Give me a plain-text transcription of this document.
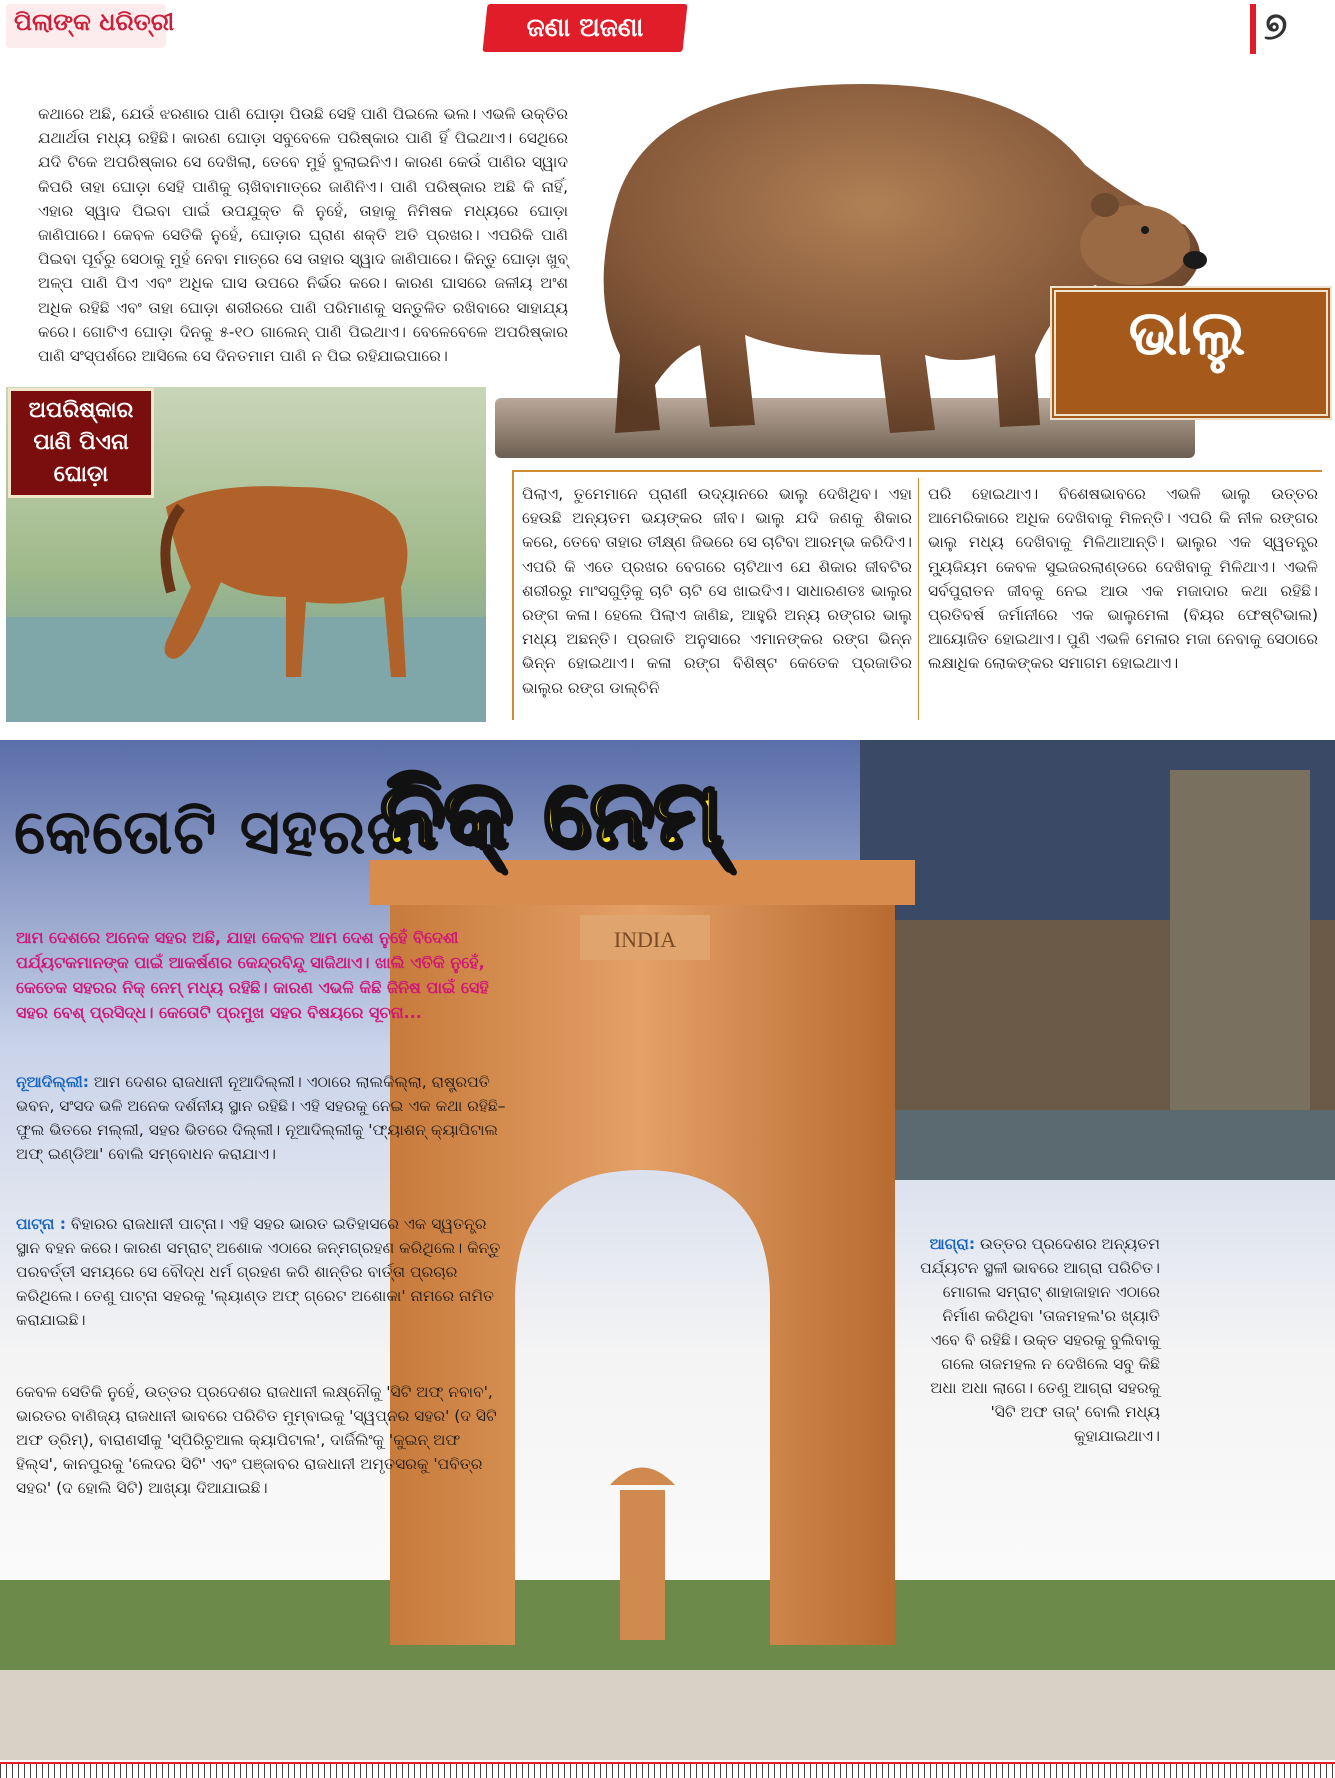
ପିଲାଙ୍କ ଧରିତ୍ରୀ	ଜଣା ଅଜଣା	୭
ଭାଲୁ
କଥାରେ ଅଛି, ଯେଉଁ ଝରଣାର ପାଣି ଘୋଡ଼ା ପିଉଛି ସେହି ପାଣି ପିଇଲେ ଭଲ। ଏଭଳି ଉକ୍ତିର ଯଥାର୍ଥତା ମଧ୍ୟ ରହିଛି। କାରଣ ଘୋଡ଼ା ସବୁବେଳେ ପରିଷ୍କାର ପାଣି ହିଁ ପିଇଥାଏ। ସେଥିରେ ଯଦି ଟିକେ ଅପରିଷ୍କାର ସେ ଦେଖିଲା, ତେବେ ମୁହଁ ବୁଲାଇନିଏ। କାରଣ କେଉଁ ପାଣିର ସ୍ୱାଦ କିପରି ତାହା ଘୋଡ଼ା ସେହି ପାଣିକୁ ଚାଖିବାମାତ୍ରେ ଜାଣିନିଏ। ପାଣି ପରିଷ୍କାର ଅଛି କି ନାହିଁ, ଏହାର ସ୍ୱାଦ ପିଇବା ପାଇଁ ଉପଯୁକ୍ତ କି ନୁହେଁ, ତାହାକୁ ନିମିଷକ ମଧ୍ୟରେ ଘୋଡ଼ା ଜାଣିପାରେ। କେବଳ ସେତିକି ନୁହେଁ, ଘୋଡ଼ାର ଘ୍ରାଣ ଶକ୍ତି ଅତି ପ୍ରଖର। ଏପରିକି ପାଣି ପିଇବା ପୂର୍ବରୁ ସେଠାକୁ ମୁହଁ ନେବା ମାତ୍ରେ ସେ ତାହାର ସ୍ୱାଦ ଜାଣିପାରେ। କିନ୍ତୁ ଘୋଡ଼ା ଖୁବ୍ ଅଳ୍ପ ପାଣି ପିଏ ଏବଂ ଅଧିକ ଘାସ ଉପରେ ନିର୍ଭର କରେ। କାରଣ ଘାସରେ ଜଳୀୟ ଅଂଶ ଅଧିକ ରହିଛି ଏବଂ ତାହା ଘୋଡ଼ା ଶରୀରରେ ପାଣି ପରିମାଣକୁ ସନ୍ତୁଳିତ ରଖିବାରେ ସାହାଯ୍ୟ କରେ। ଗୋଟିଏ ଘୋଡ଼ା ଦିନକୁ ୫-୧୦ ଗାଲେନ୍ ପାଣି ପିଇଥାଏ। ବେଳେବେଳେ ଅପରିଷ୍କାର ପାଣି ସଂସ୍ପର୍ଶରେ ଆସିଲେ ସେ ଦିନତମାମ ପାଣି ନ ପିଇ ରହିଯାଇପାରେ।
ଅପରିଷ୍କାର
ପାଣି ପିଏନା
ଘୋଡ଼ା
ପିଲାଏ, ତୁମେମାନେ ପ୍ରାଣୀ ଉଦ୍ୟାନରେ ଭାଲୁ ଦେଖିଥିବ। ଏହା ହେଉଛି ଅନ୍ୟତମ ଭୟଙ୍କର ଜୀବ। ଭାଲୁ ଯଦି ଜଣକୁ ଶିକାର କରେ, ତେବେ ତାହାର ତୀକ୍ଷ୍ଣ ଜିଭରେ ସେ ଚାଟିବା ଆରମ୍ଭ କରିଦିଏ। ଏପରି କି ଏତେ ପ୍ରଖର ବେଗରେ ଚାଟିଥାଏ ଯେ ଶିକାର ଜୀବଟିର ଶରୀରରୁ ମାଂସଗୁଡ଼ିକୁ ଚାଟି ଚାଟି ସେ ଖାଇଦିଏ। ସାଧାରଣତଃ ଭାଲୁର ରଙ୍ଗ କଳା। ହେଲେ ପିଲାଏ ଜାଣିଛ, ଆହୁରି ଅନ୍ୟ ରଙ୍ଗର ଭାଲୁ ମଧ୍ୟ ଅଛନ୍ତି। ପ୍ରଜାତି ଅନୁସାରେ ଏମାନଙ୍କର ରଙ୍ଗ ଭିନ୍ନ ଭିନ୍ନ ହୋଇଥାଏ। କଳା ରଙ୍ଗ ବିଶିଷ୍ଟ କେତେକ ପ୍ରଜାତିର ଭାଲୁର ରଙ୍ଗ ଡାଲ୍‌ଚିନି
ପରି ହୋଇଥାଏ। ବିଶେଷଭାବରେ ଏଭଳି ଭାଲୁ ଉତ୍ତର ଆମେରିକାରେ ଅଧିକ ଦେଖିବାକୁ ମିଳନ୍ତି। ଏପରି କି ନୀଳ ରଙ୍ଗର ଭାଲୁ ମଧ୍ୟ ଦେଖିବାକୁ ମିଳିଥାଆନ୍ତି। ଭାଲୁର ଏକ ସ୍ୱତନ୍ତ୍ର ମ୍ୟୁଜିୟମ କେବଳ ସୁଇଜରଲାଣ୍ଡରେ ଦେଖିବାକୁ ମିଳିଥାଏ। ଏଭଳି ସର୍ବପୁରାତନ ଜୀବକୁ ନେଇ ଆଉ ଏକ ମଜାଦାର କଥା ରହିଛି। ପ୍ରତିବର୍ଷ ଜର୍ମାନୀରେ ଏକ ଭାଲୁମେଳା (ବିୟର ଫେଷ୍ଟିଭାଲ) ଆୟୋଜିତ ହୋଇଥାଏ। ପୁଣି ଏଭଳି ମେଳାର ମଜା ନେବାକୁ ସେଠାରେ ଲକ୍ଷାଧିକ ଲୋକଙ୍କର ସମାଗମ ହୋଇଥାଏ।
INDIA
କେତୋଟି ସହରର
ନିକ୍ ନେମ୍
ଆମ ଦେଶରେ ଅନେକ ସହର ଅଛି, ଯାହା କେବଳ ଆମ ଦେଶ ନୁହେଁ ବିଦେଶୀ ପର୍ଯ୍ୟଟକମାନଙ୍କ ପାଇଁ ଆକର୍ଷଣର କେନ୍ଦ୍ରବିନ୍ଦୁ ସାଜିଥାଏ। ଖାଲି ଏତିକି ନୁହେଁ, କେତେକ ସହରର ନିକ୍ ନେମ୍ ମଧ୍ୟ ରହିଛି। କାରଣ ଏଭଳି କିଛି ଜିନିଷ ପାଇଁ ସେହି ସହର ବେଶ୍ ପ୍ରସିଦ୍ଧ। କେତୋଟି ପ୍ରମୁଖ ସହର ବିଷୟରେ ସୂଚନା...
ନୂଆଦିଲ୍ଲୀ: ଆମ ଦେଶର ରାଜଧାନୀ ନୂଆଦିଲ୍ଲୀ। ଏଠାରେ ଲାଲକିଲ୍ଲା, ରାଷ୍ଟ୍ରପତି ଭବନ, ସଂସଦ ଭଳି ଅନେକ ଦର୍ଶନୀୟ ସ୍ଥାନ ରହିଛି। ଏହି ସହରକୁ ନେଇ ଏକ କଥା ରହିଛି– ଫୁଲ ଭିତରେ ମଲ୍ଲୀ, ସହର ଭିତରେ ଦିଲ୍ଲୀ। ନୂଆଦିଲ୍ଲୀକୁ 'ଫ୍ୟାଶନ୍ କ୍ୟାପିଟାଲ ଅଫ୍ ଇଣ୍ଡିଆ' ବୋଲି ସମ୍ବୋଧନ କରାଯାଏ।
ପାଟ୍ନା : ବିହାରର ରାଜଧାନୀ ପାଟ୍ନା। ଏହି ସହର ଭାରତ ଇତିହାସରେ ଏକ ସ୍ୱତନ୍ତ୍ର ସ୍ଥାନ ବହନ କରେ। କାରଣ ସମ୍ରାଟ୍ ଅଶୋକ ଏଠାରେ ଜନ୍ମଗ୍ରହଣ କରିଥିଲେ। କିନ୍ତୁ ପରବର୍ତ୍ତୀ ସମୟରେ ସେ ବୌଦ୍ଧ ଧର୍ମ ଗ୍ରହଣ କରି ଶାନ୍ତିର ବାର୍ତ୍ତା ପ୍ରଚାର କରିଥିଲେ। ତେଣୁ ପାଟ୍ନା ସହରକୁ 'ଲ୍ୟାଣ୍ଡ ଅଫ୍ ଗ୍ରେଟ ଅଶୋକା' ନାମରେ ନାମିତ କରାଯାଇଛି।
କେବଳ ସେତିକି ନୁହେଁ, ଉତ୍ତର ପ୍ରଦେଶର ରାଜଧାନୀ ଲକ୍ଷ୍ନୌକୁ 'ସିଟି ଅଫ୍ ନବାବ', ଭାରତର ବାଣିଜ୍ୟ ରାଜଧାନୀ ଭାବରେ ପରିଚିତ ମୁମ୍ବାଇକୁ 'ସ୍ୱପ୍ନର ସହର' (ଦ ସିଟି ଅଫ ଡ୍ରିମ୍), ବାରାଣସୀକୁ 'ସ୍ପିରିଚୁଆଲ କ୍ୟାପିଟାଲ', ଦାର୍ଜିଲିଂକୁ 'କୁଇନ୍ ଅଫ ହିଲ୍ସ', କାନପୁରକୁ 'ଲେଦର ସିଟି' ଏବଂ ପଞ୍ଜାବର ରାଜଧାନୀ ଅମୃତସରକୁ 'ପବିତ୍ର ସହର' (ଦ ହୋଲି ସିଟି) ଆଖ୍ୟା ଦିଆଯାଇଛି।
ଆଗ୍ରା: ଉତ୍ତର ପ୍ରଦେଶର ଅନ୍ୟତମ ପର୍ଯ୍ୟଟନ ସ୍ଥଳୀ ଭାବରେ ଆଗ୍ରା ପରିଚିତ। ମୋଗଲ ସମ୍ରାଟ୍ ଶାହାଜାହାନ ଏଠାରେ ନିର୍ମାଣ କରିଥିବା 'ତାଜମହଲ'ର ଖ୍ୟାତି ଏବେ ବି ରହିଛି। ଉକ୍ତ ସହରକୁ ବୁଲିବାକୁ ଗଲେ ତାଜମହଲ ନ ଦେଖିଲେ ସବୁ କିଛି ଅଧା ଅଧା ଲାଗେ। ତେଣୁ ଆଗ୍ରା ସହରକୁ 'ସିଟି ଅଫ ତାଜ୍' ବୋଲି ମଧ୍ୟ କୁହାଯାଇଥାଏ।
